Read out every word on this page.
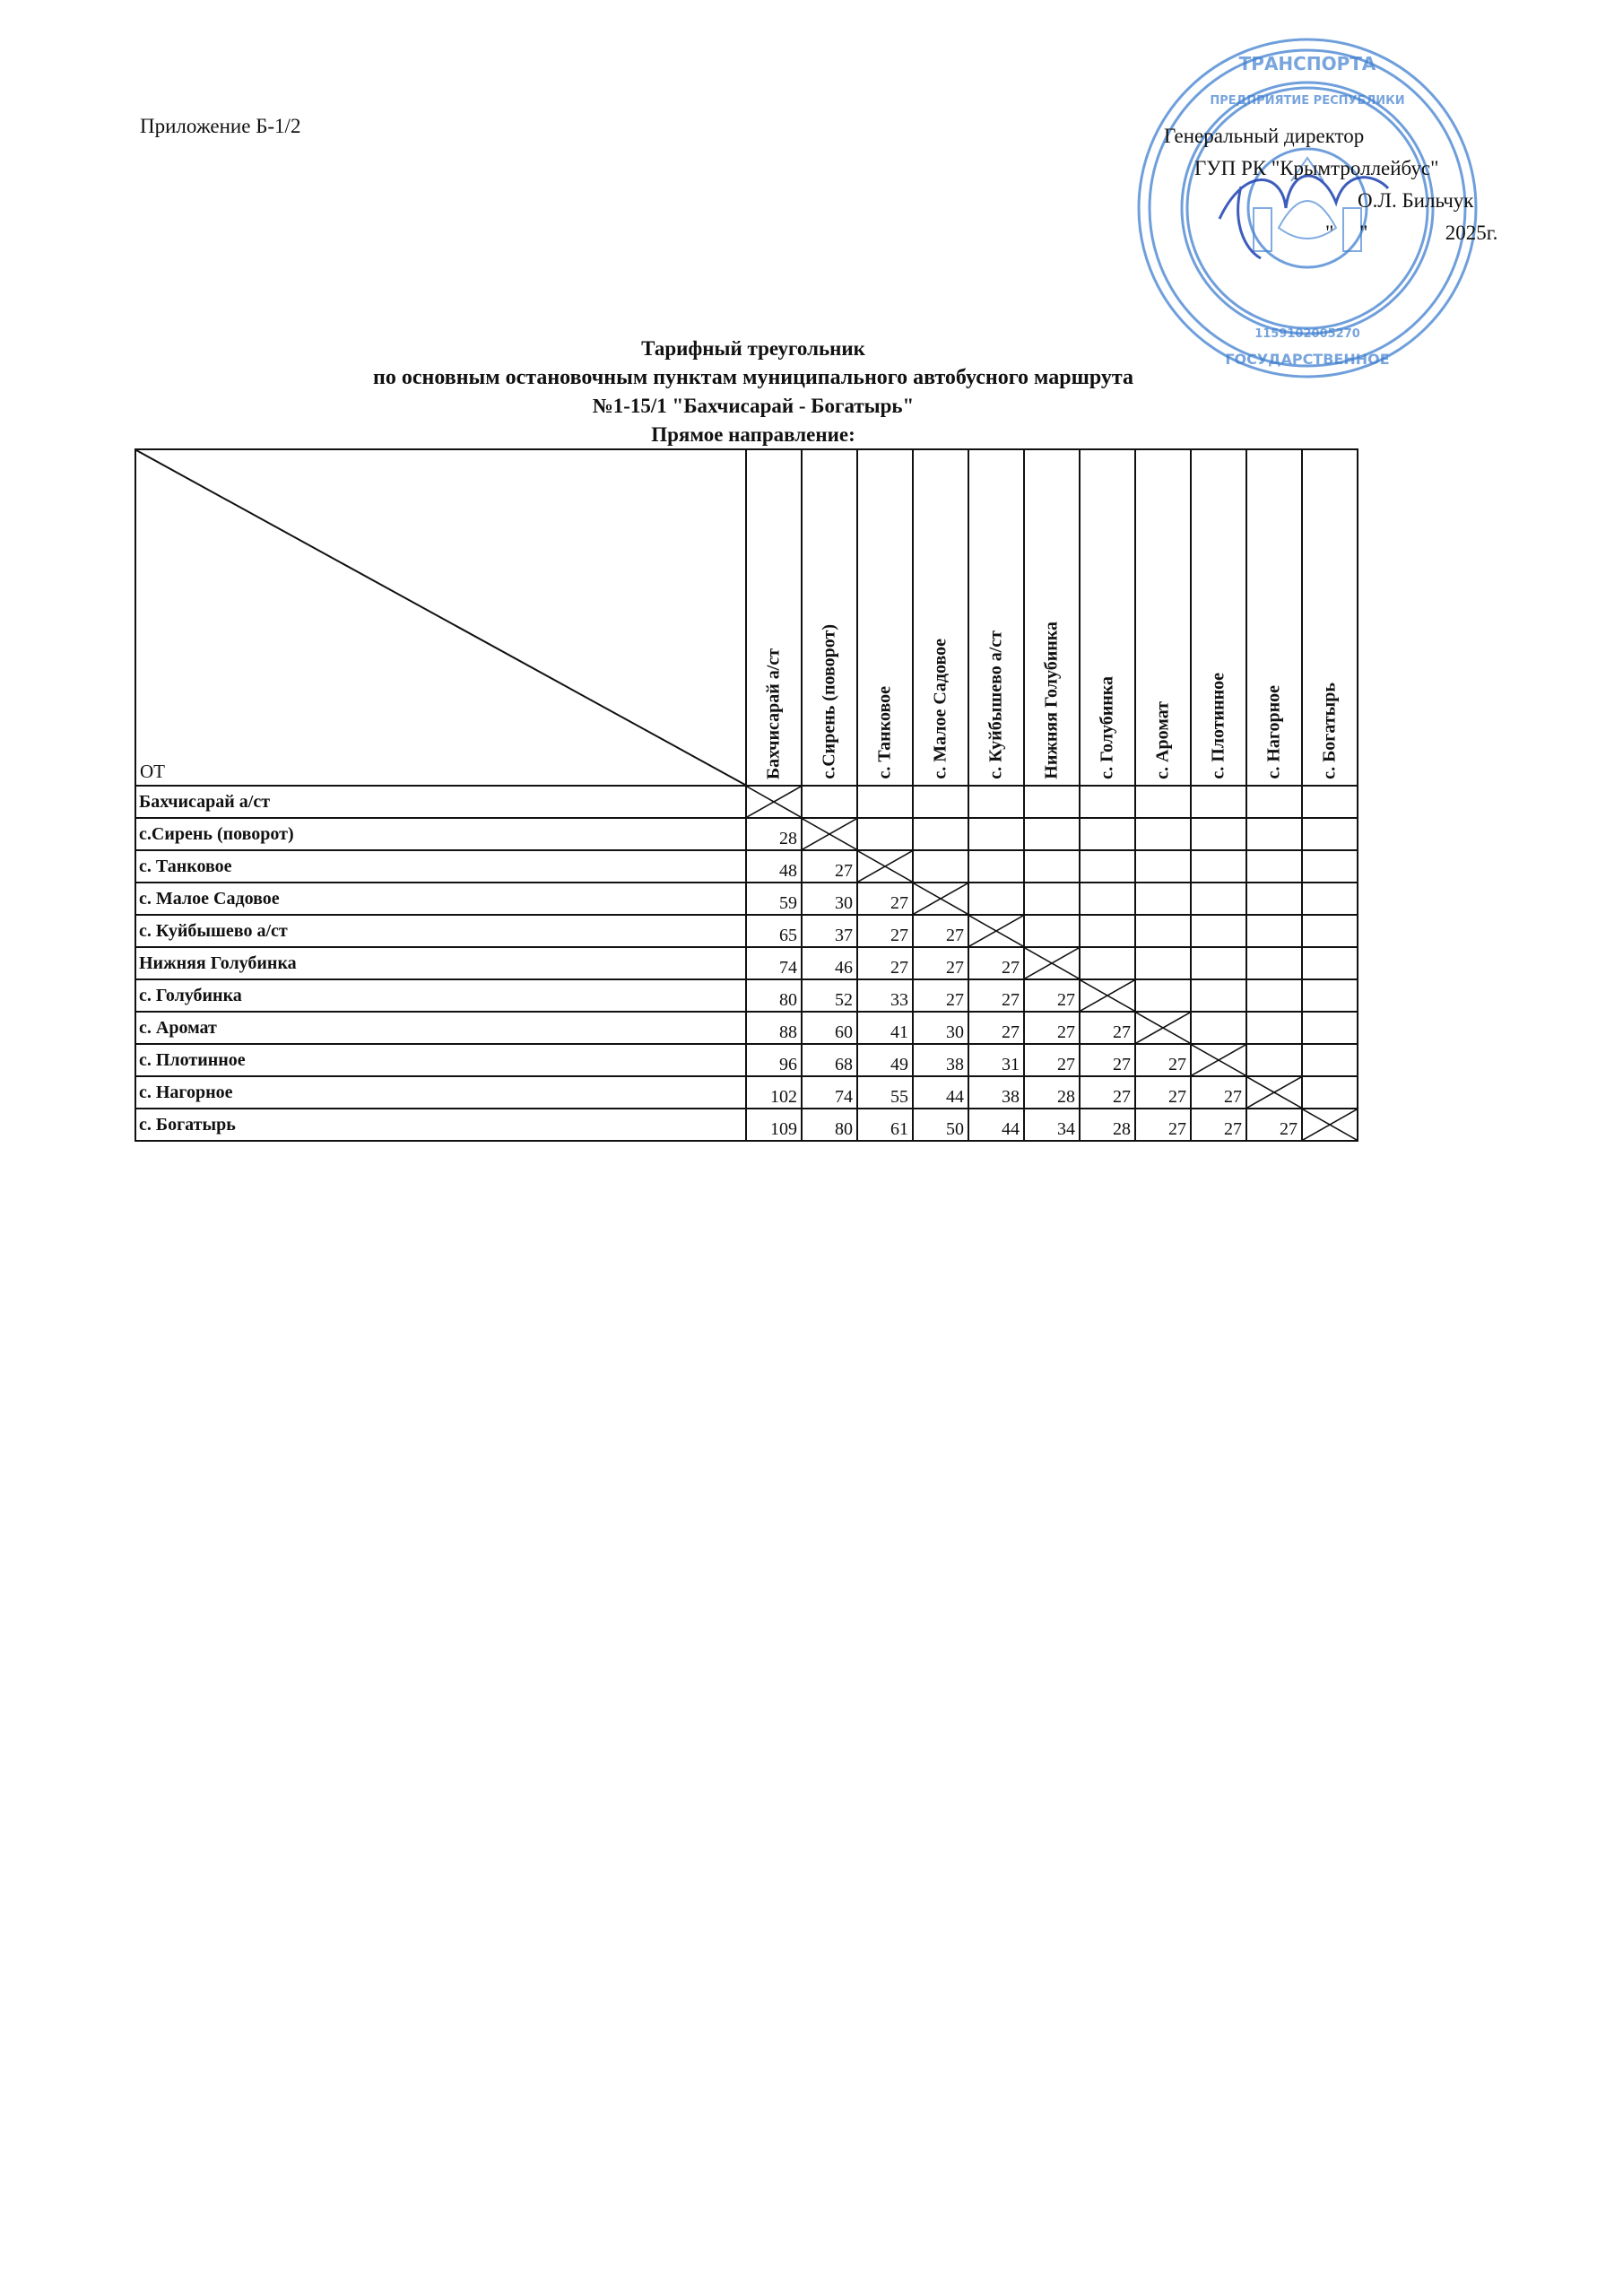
Приложение Б-1/2
ТРАНСПОРТА
ПРЕДПРИЯТИЕ РЕСПУБЛИКИ
1159102005270
ГОСУДАРСТВЕННОЕ
Генеральный директор
ГУП РК "Крымтроллейбус"
О.Л. Бильчук
"     "               2025г.
Тарифный треугольник
по основным остановочным пунктам муниципального автобусного маршрута
№1-15/1 "Бахчисарай - Богатырь"
Прямое направление:
ОТ	Бахчисарай а/ст	с.Сирень (поворот)	с. Танковое	с. Малое Садовое	с. Куйбышево а/ст	Нижняя Голубинка	с. Голубинка	с. Аромат	с. Плотинное	с. Нагорное	с. Богатырь

Бахчисарай а/ст	

с.Сирень (поворот)	28	

с. Танковое	48	27	

с. Малое Садовое	59	30	27	

с. Куйбышево а/ст	65	37	27	27	

Нижняя Голубинка	74	46	27	27	27	

с. Голубинка	80	52	33	27	27	27	

с. Аромат	88	60	41	30	27	27	27	

с. Плотинное	96	68	49	38	31	27	27	27	

с. Нагорное	102	74	55	44	38	28	27	27	27	

с. Богатырь	109	80	61	50	44	34	28	27	27	27	
